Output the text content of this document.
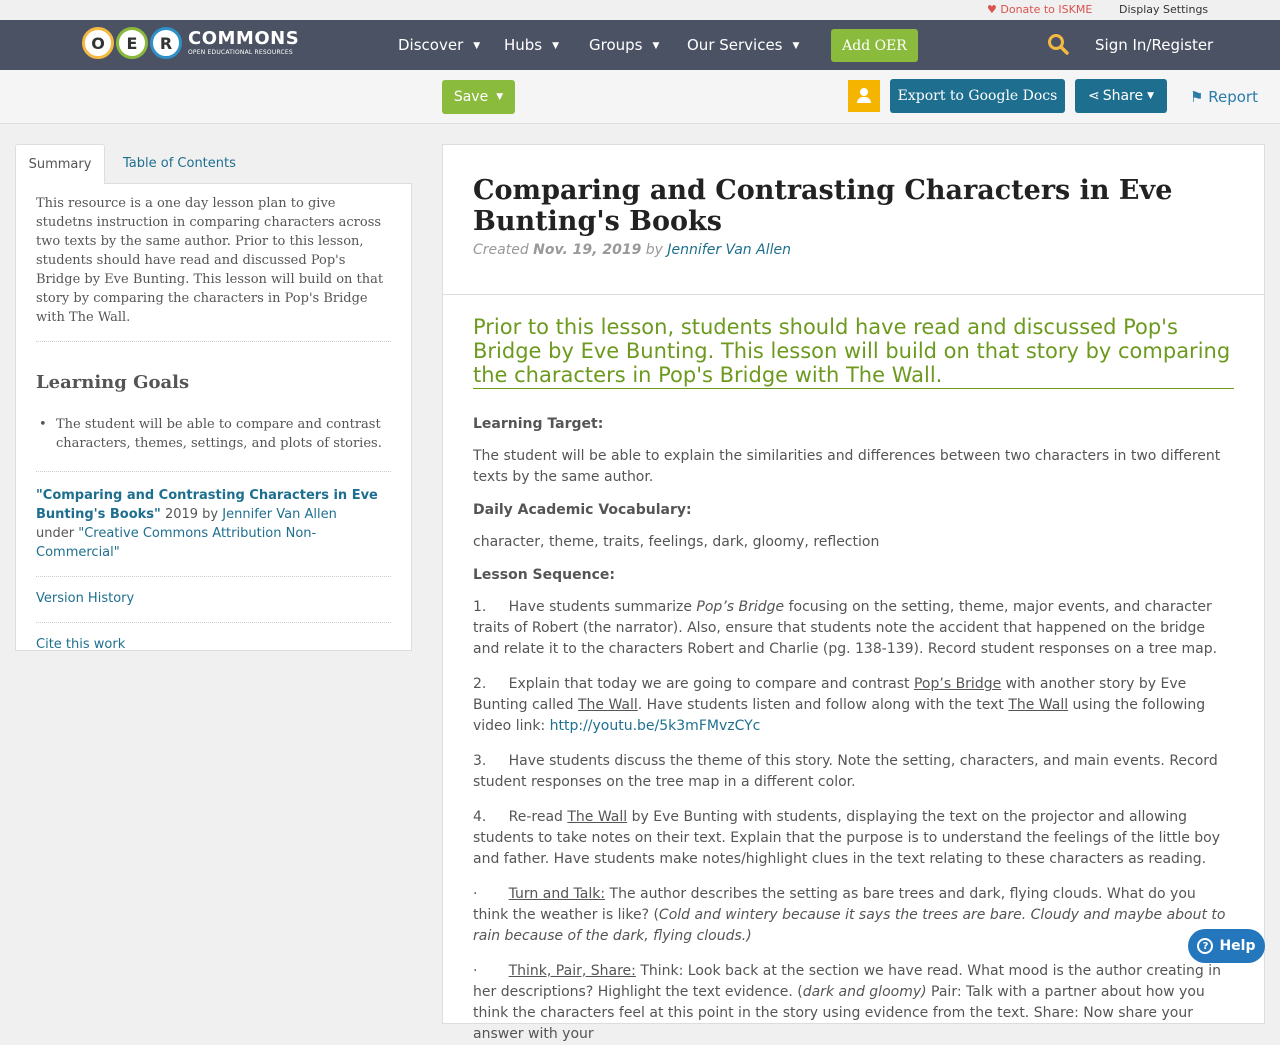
♥ Donate to ISKME Display Settings
O	E	R COMMONS
OPEN EDUCATIONAL RESOURCES	Discover ▼ Hubs ▼ Groups ▼ Our Services ▼	Add OER	Sign In/Register
Save ▼	Export to Google Docs	⋖ Share ▼ ⚑ Report
Summary	Table of Contents

This resource is a one day lesson plan to give studetns instruction in comparing characters across two texts by the same author. Prior to this lesson, students should have read and discussed Pop's Bridge by Eve Bunting. This lesson will build on that story by comparing the characters in Pop's Bridge with The Wall.

Learning Goals
• The student will be able to compare and contrast characters, themes, settings, and plots of stories.

"Comparing and Contrasting Characters in Eve Bunting's Books" 2019 by Jennifer Van Allen
under "Creative Commons Attribution Non-Commercial"

Version History
Cite this work
Comparing and Contrasting Characters in Eve Bunting's Books
Created Nov. 19, 2019 by Jennifer Van Allen

Prior to this lesson, students should have read and discussed Pop's Bridge by Eve Bunting. This lesson will build on that story by comparing the characters in Pop's Bridge with The Wall.

Learning Target:

The student will be able to explain the similarities and differences between two characters in two different texts by the same author.

Daily Academic Vocabulary:

character, theme, traits, feelings, dark, gloomy, reflection

Lesson Sequence:

1. Have students summarize Pop’s Bridge focusing on the setting, theme, major events, and character traits of Robert (the narrator). Also, ensure that students note the accident that happened on the bridge and relate it to the characters Robert and Charlie (pg. 138-139). Record student responses on a tree map.

2. Explain that today we are going to compare and contrast Pop’s Bridge with another story by Eve Bunting called The Wall. Have students listen and follow along with the text The Wall using the following video link: http://youtu.be/5k3mFMvzCYc

3. Have students discuss the theme of this story. Note the setting, characters, and main events. Record student responses on the tree map in a different color.

4. Re-read The Wall by Eve Bunting with students, displaying the text on the projector and allowing students to take notes on their text. Explain that the purpose is to understand the feelings of the little boy and father. Have students make notes/highlight clues in the text relating to these characters as reading.

· Turn and Talk: The author describes the setting as bare trees and dark, flying clouds. What do you think the weather is like? (Cold and wintery because it says the trees are bare. Cloudy and maybe about to rain because of the dark, flying clouds.)

· Think, Pair, Share: Think: Look back at the section we have read. What mood is the author creating in her descriptions? Highlight the text evidence. (dark and gloomy) Pair: Talk with a partner about how you think the characters feel at this point in the story using evidence from the text. Share: Now share your answer with your

? Help
